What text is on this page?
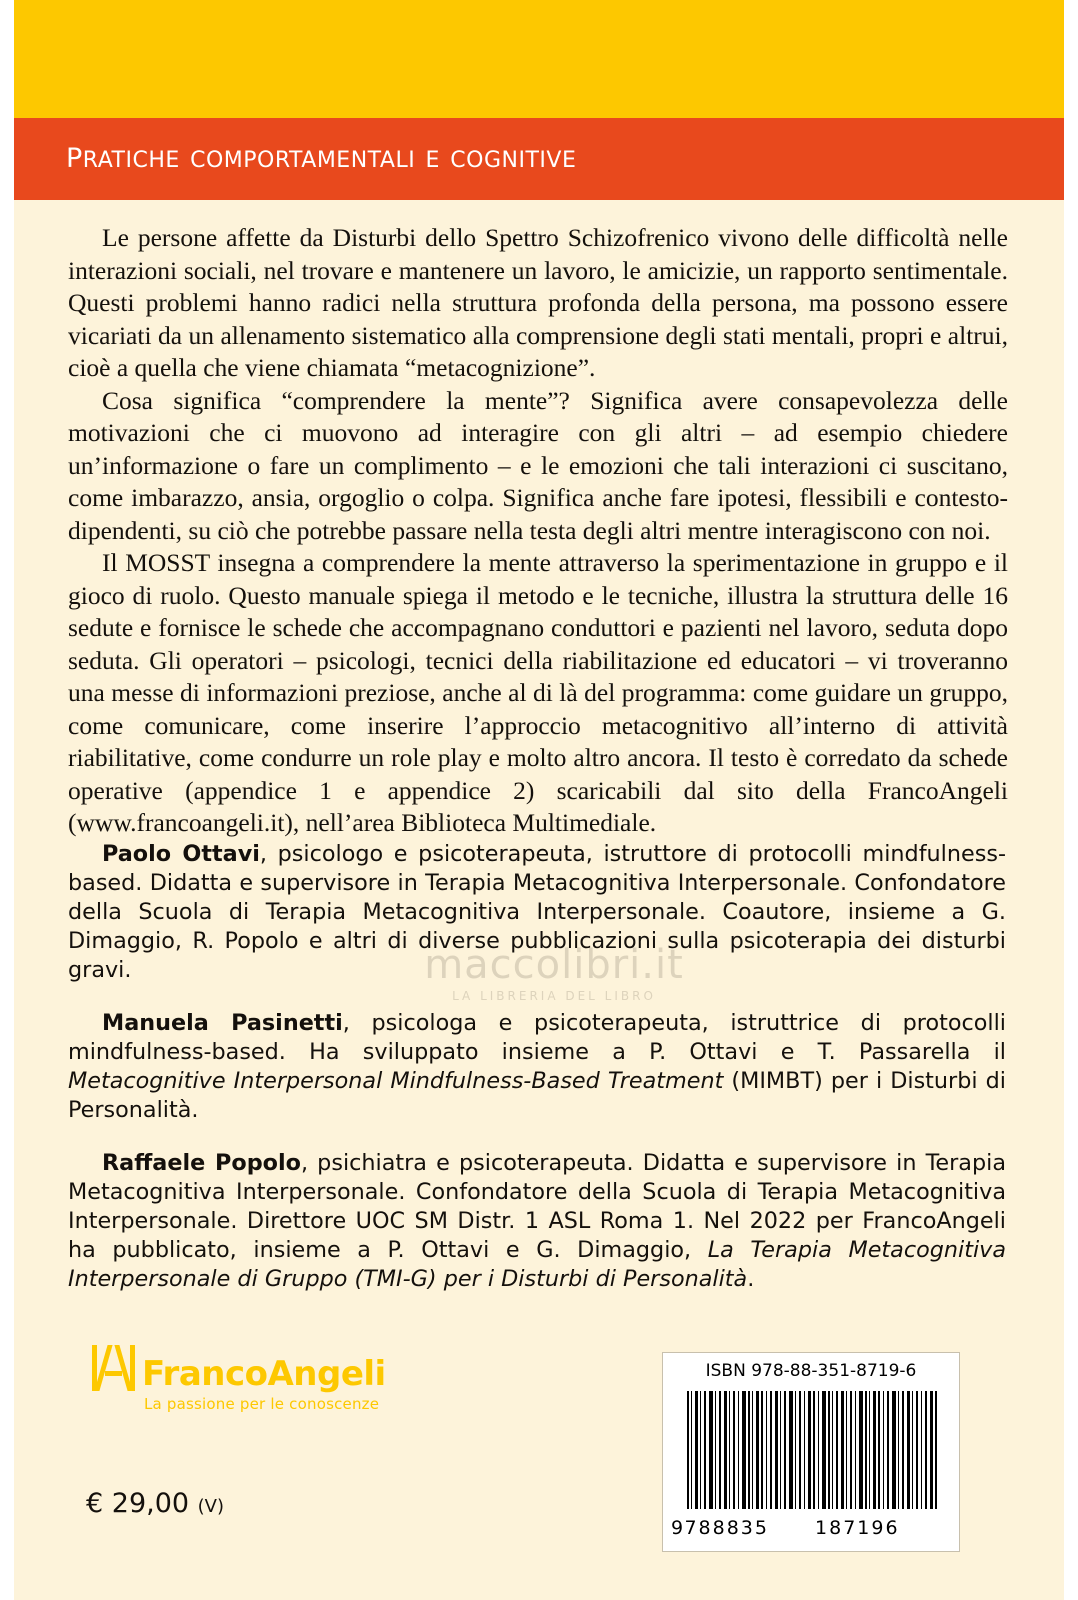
pratiche comportamentali e cognitive

Le persone affette da Disturbi dello Spettro Schizofrenico vivono delle difficoltà nelle interazioni sociali, nel trovare e mantenere un lavoro, le amicizie, un rapporto sentimentale. Questi problemi hanno radici nella struttura profonda della persona, ma possono essere vicariati da un allenamento sistematico alla comprensione degli stati mentali, propri e altrui, cioè a quella che viene chiamata “metacognizione”.

Cosa significa “comprendere la mente”? Significa avere consapevolezza delle motivazioni che ci muovono ad interagire con gli altri – ad esempio chiedere un’informazione o fare un complimento – e le emozioni che tali interazioni ci suscitano, come imbarazzo, ansia, orgoglio o colpa. Significa anche fare ipotesi, flessibili e contesto-dipendenti, su ciò che potrebbe passare nella testa degli altri mentre interagiscono con noi.

Il MOSST insegna a comprendere la mente attraverso la sperimentazione in gruppo e il gioco di ruolo. Questo manuale spiega il metodo e le tecniche, illustra la struttura delle 16 sedute e fornisce le schede che accompagnano conduttori e pazienti nel lavoro, seduta dopo seduta. Gli operatori – psicologi, tecnici della riabilitazione ed educatori – vi troveranno una messe di informazioni preziose, anche al di là del programma: come guidare un gruppo, come comunicare, come inserire l’approccio metacognitivo all’interno di attività riabilitative, come condurre un role play e molto altro ancora. Il testo è corredato da schede operative (appendice 1 e appendice 2) scaricabili dal sito della FrancoAngeli (www.francoangeli.it), nell’area Biblioteca Multimediale.

Paolo Ottavi, psicologo e psicoterapeuta, istruttore di protocolli mindfulness-based. Didatta e supervisore in Terapia Metacognitiva Interpersonale. Confondatore della Scuola di Terapia Metacognitiva Interpersonale. Coautore, insieme a G. Dimaggio, R. Popolo e altri di diverse pubblicazioni sulla psicoterapia dei disturbi gravi.

Manuela Pasinetti, psicologa e psicoterapeuta, istruttrice di protocolli mindfulness-based. Ha sviluppato insieme a P. Ottavi e T. Passarella il Metacognitive Interpersonal Mindfulness-Based Treatment (MIMBT) per i Disturbi di Personalità.

Raffaele Popolo, psichiatra e psicoterapeuta. Didatta e supervisore in Terapia Metacognitiva Interpersonale. Confondatore della Scuola di Terapia Metacognitiva Interpersonale. Direttore UOC SM Distr. 1 ASL Roma 1. Nel 2022 per FrancoAngeli ha pubblicato, insieme a P. Ottavi e G. Dimaggio, La Terapia Metacognitiva Interpersonale di Gruppo (TMI-G) per i Disturbi di Personalità.

maccolibri.it
LA LIBRERIA DEL LIBRO
FrancoAngeli
La passione per le conoscenze
€ 29,00 (V)
ISBN 978-88-351-8719-6
9 788835 187196
